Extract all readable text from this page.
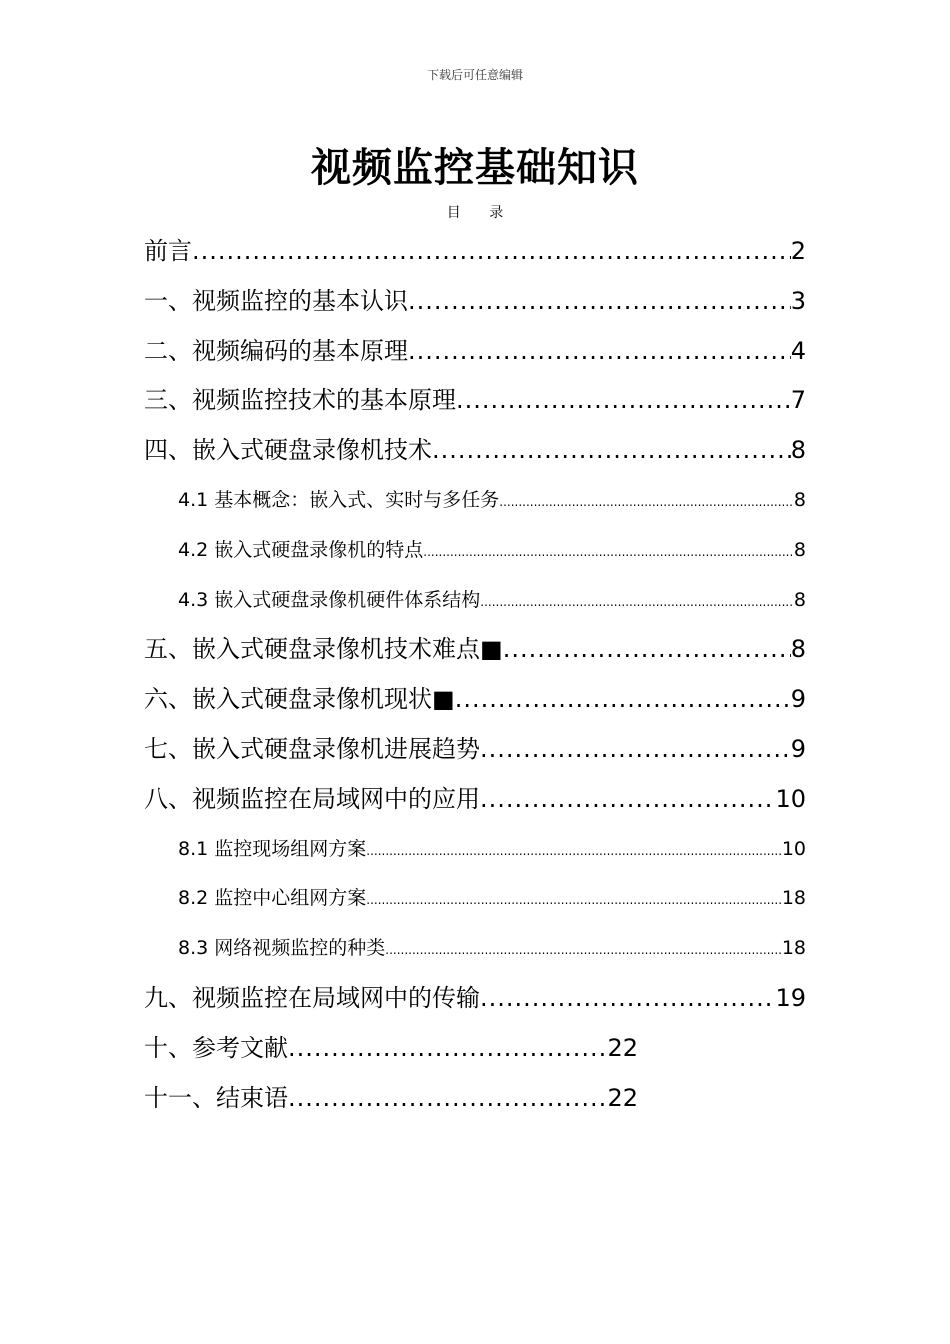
下载后可任意编辑
视频监控基础知识
目 录
前言 .....	2
一、视频监控的基本认识 .....	3
二、视频编码的基本原理 .....	4
三、视频监控技术的基本原理 .....	7
四、嵌入式硬盘录像机技术 .....	8
4.1 基本概念：嵌入式、实时与多任务 .....	8
4.2 嵌入式硬盘录像机的特点 .....	8
4.3 嵌入式硬盘录像机硬件体系结构 .....	8
五、嵌入式硬盘录像机技术难点■ .....	8
六、嵌入式硬盘录像机现状■ .....	9
七、嵌入式硬盘录像机进展趋势 .....	9
八、视频监控在局域网中的应用 .....	10
8.1 监控现场组网方案 .....	10
8.2 监控中心组网方案 .....	18
8.3 网络视频监控的种类 .....	18
九、视频监控在局域网中的传输 .....	19
十、参考文献 .....	22
十一、结束语 .....	22
